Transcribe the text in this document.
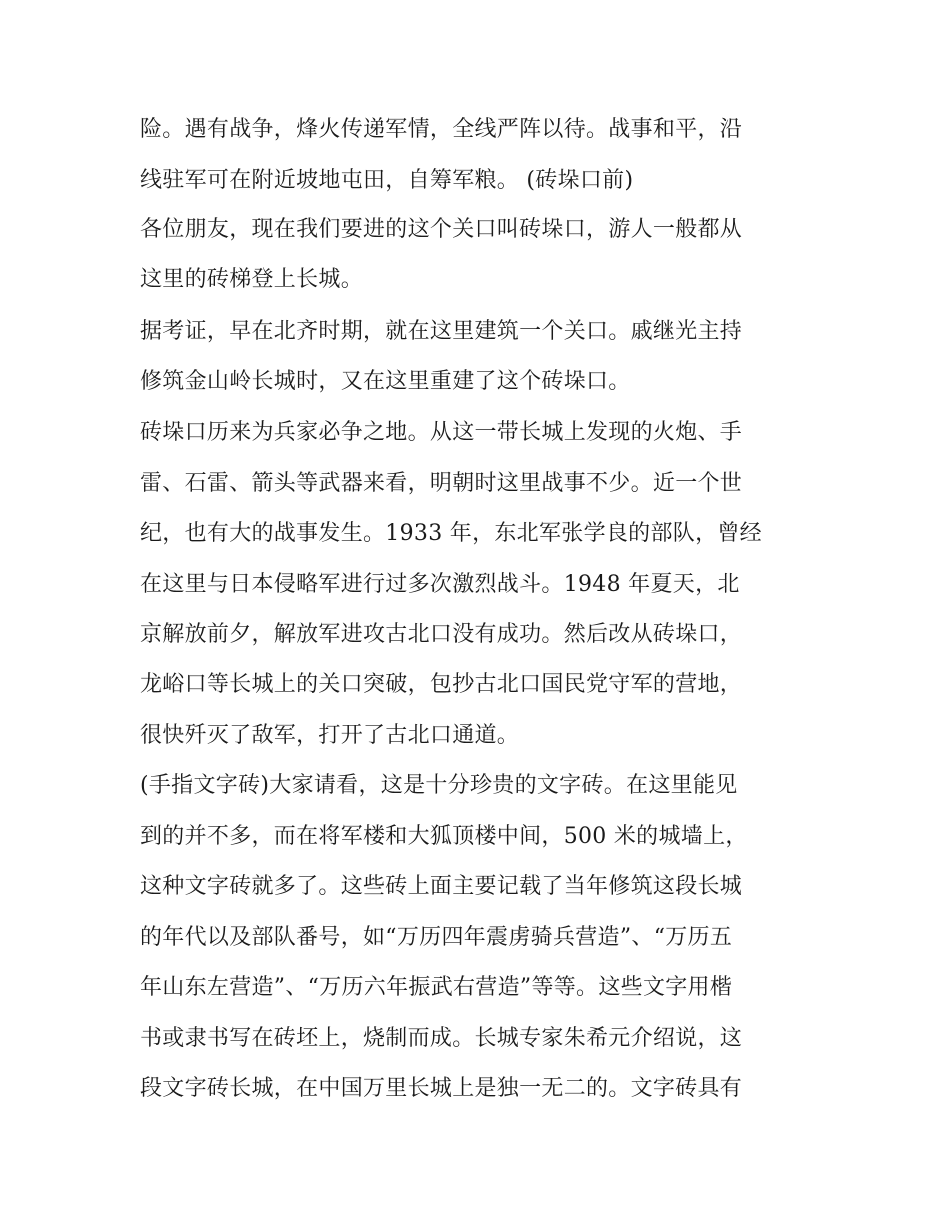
险。遇有战争，烽火传递军情，全线严阵以待。战事和平，沿
线驻军可在附近坡地屯田，自筹军粮。 (砖垛口前)
各位朋友，现在我们要进的这个关口叫砖垛口，游人一般都从
这里的砖梯登上长城。
据考证，早在北齐时期，就在这里建筑一个关口。戚继光主持
修筑金山岭长城时，又在这里重建了这个砖垛口。
砖垛口历来为兵家必争之地。从这一带长城上发现的火炮、手
雷、石雷、箭头等武器来看，明朝时这里战事不少。近一个世
纪，也有大的战事发生。1933 年，东北军张学良的部队，曾经
在这里与日本侵略军进行过多次激烈战斗。1948 年夏天，北
京解放前夕，解放军进攻古北口没有成功。然后改从砖垛口，
龙峪口等长城上的关口突破，包抄古北口国民党守军的营地，
很快歼灭了敌军，打开了古北口通道。
(手指文字砖)大家请看，这是十分珍贵的文字砖。在这里能见
到的并不多，而在将军楼和大狐顶楼中间，500 米的城墙上，
这种文字砖就多了。这些砖上面主要记载了当年修筑这段长城
的年代以及部队番号，如“万历四年震虏骑兵营造”、“万历五
年山东左营造”、“万历六年振武右营造”等等。这些文字用楷
书或隶书写在砖坯上，烧制而成。长城专家朱希元介绍说，这
段文字砖长城，在中国万里长城上是独一无二的。文字砖具有
